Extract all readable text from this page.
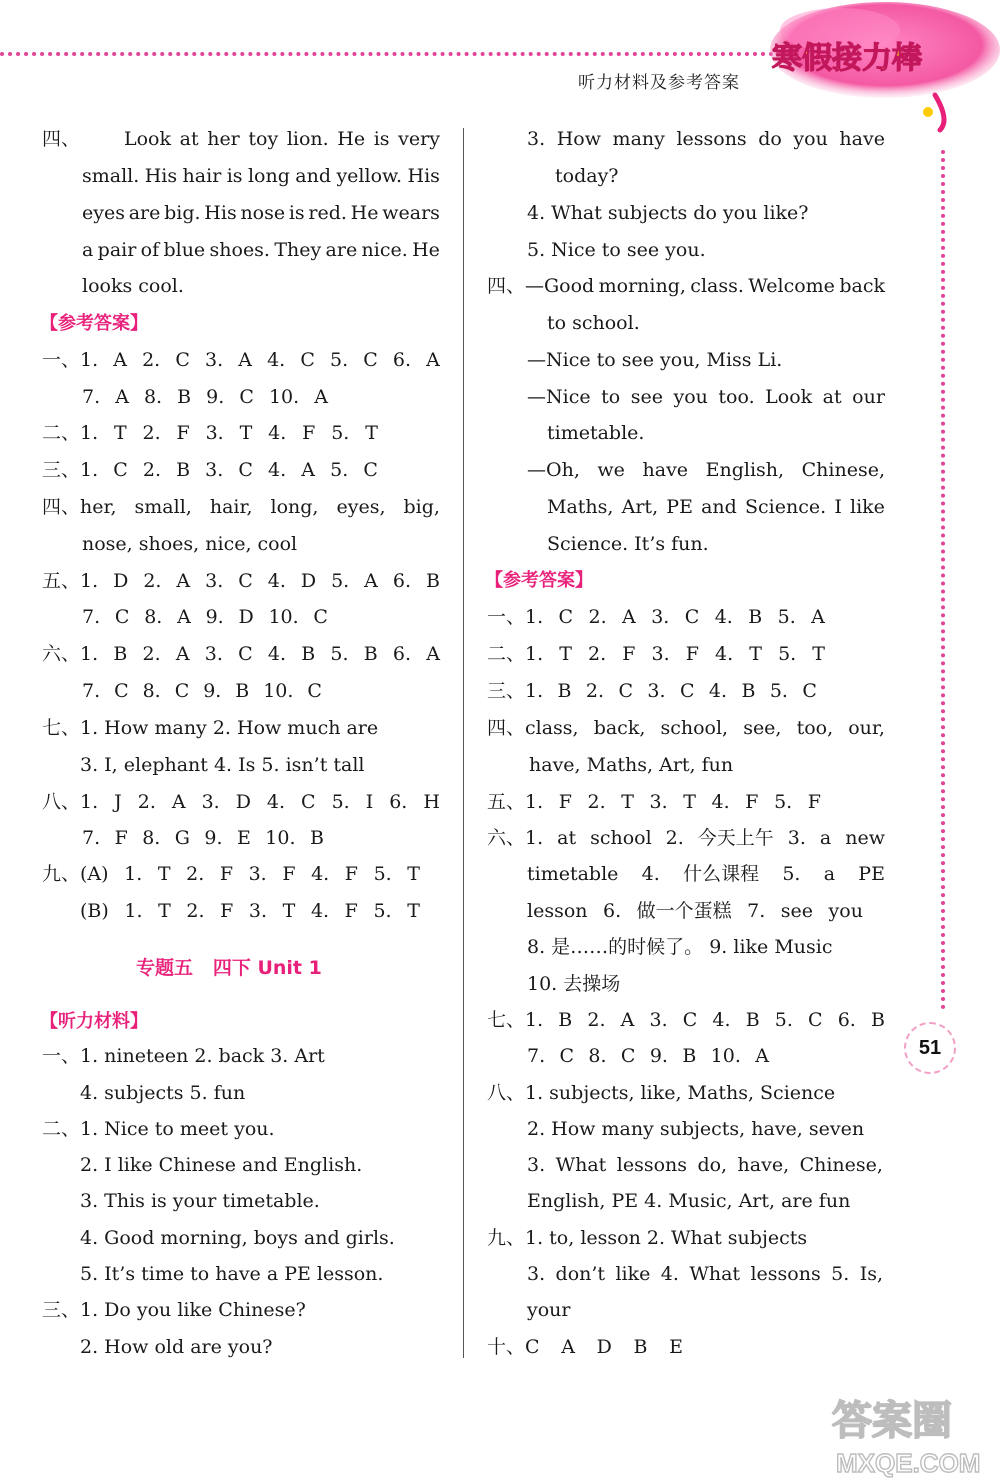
听力材料及参考答案
寒假接力棒
51
四、 Look at her toy lion. He is very
small. His hair is long and yellow. His
eyes are big. His nose is red. He wears
a pair of blue shoes. They are nice. He
looks cool.
【参考答案】
一、1. A 2. C 3. A 4. C 5. C 6. A
7. A 8. B 9. C 10. A
二、1. T 2. F 3. T 4. F 5. T
三、1. C 2. B 3. C 4. A 5. C
四、her, small, hair, long, eyes, big,
nose, shoes, nice, cool
五、1. D 2. A 3. C 4. D 5. A 6. B
7. C 8. A 9. D 10. C
六、1. B 2. A 3. C 4. B 5. B 6. A
7. C 8. C 9. B 10. C
七、1. How many 2. How much are
3. I, elephant 4. Is 5. isn’t tall
八、1. J 2. A 3. D 4. C 5. I 6. H
7. F 8. G 9. E 10. B
九、(A) 1. T 2. F 3. F 4. F 5. T
(B) 1. T 2. F 3. T 4. F 5. T
专题五   四下 Unit 1
【听力材料】
一、1. nineteen 2. back 3. Art
4. subjects 5. fun
二、1. Nice to meet you.
2. I like Chinese and English.
3. This is your timetable.
4. Good morning, boys and girls.
5. It’s time to have a PE lesson.
三、1. Do you like Chinese?
2. How old are you?
3. How many lessons do you have
today?
4. What subjects do you like?
5. Nice to see you.
四、—Good morning, class. Welcome back
to school.
—Nice to see you, Miss Li.
—Nice to see you too. Look at our
timetable.
—Oh, we have English, Chinese,
Maths, Art, PE and Science. I like
Science. It’s fun.
【参考答案】
一、1. C 2. A 3. C 4. B 5. A
二、1. T 2. F 3. F 4. T 5. T
三、1. B 2. C 3. C 4. B 5. C
四、class, back, school, see, too, our,
have, Maths, Art, fun
五、1. F 2. T 3. T 4. F 5. F
六、1. at school 2. 今天上午 3. a new
timetable 4. 什么课程 5. a PE
lesson 6. 做一个蛋糕 7. see you
8. 是……的时候了。 9. like Music
10. 去操场
七、1. B 2. A 3. C 4. B 5. C 6. B
7. C 8. C 9. B 10. A
八、1. subjects, like, Maths, Science
2. How many subjects, have, seven
3. What lessons do, have, Chinese,
English, PE 4. Music, Art, are fun
九、1. to, lesson 2. What subjects
3. don’t like 4. What lessons 5. Is,
your
十、C A D B E
答案圈
MXQE.COM
